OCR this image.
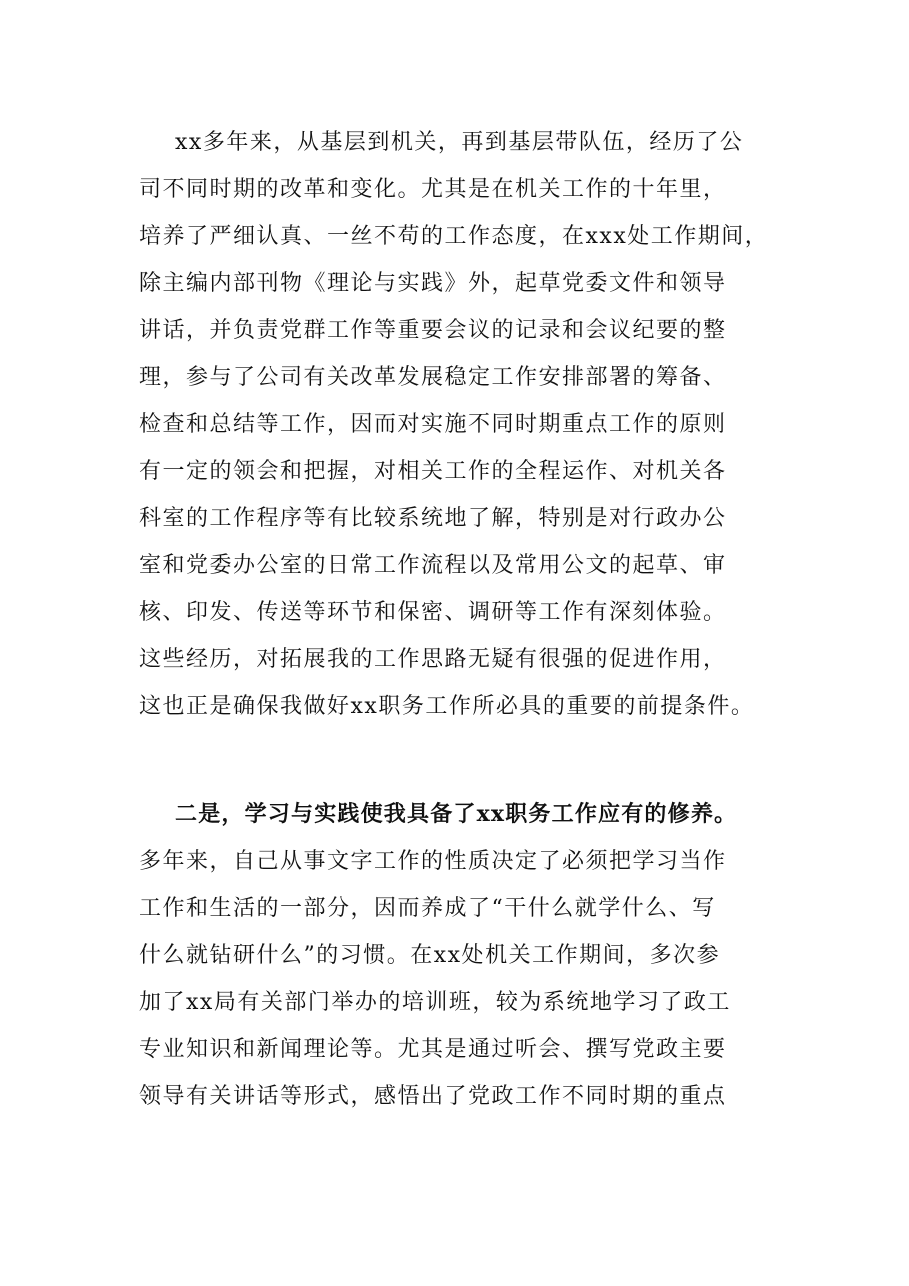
xx多年来，从基层到机关，再到基层带队伍，经历了公
司不同时期的改革和变化。尤其是在机关工作的十年里，
培养了严细认真、一丝不苟的工作态度，在xxx处工作期间，
除主编内部刊物《理论与实践》外，起草党委文件和领导
讲话，并负责党群工作等重要会议的记录和会议纪要的整
理，参与了公司有关改革发展稳定工作安排部署的筹备、
检查和总结等工作，因而对实施不同时期重点工作的原则
有一定的领会和把握，对相关工作的全程运作、对机关各
科室的工作程序等有比较系统地了解，特别是对行政办公
室和党委办公室的日常工作流程以及常用公文的起草、审
核、印发、传送等环节和保密、调研等工作有深刻体验。
这些经历，对拓展我的工作思路无疑有很强的促进作用，
这也正是确保我做好xx职务工作所必具的重要的前提条件。
二是，学习与实践使我具备了xx职务工作应有的修养。
多年来，自己从事文字工作的性质决定了必须把学习当作
工作和生活的一部分，因而养成了“干什么就学什么、写
什么就钻研什么”的习惯。在xx处机关工作期间，多次参
加了xx局有关部门举办的培训班，较为系统地学习了政工
专业知识和新闻理论等。尤其是通过听会、撰写党政主要
领导有关讲话等形式，感悟出了党政工作不同时期的重点
